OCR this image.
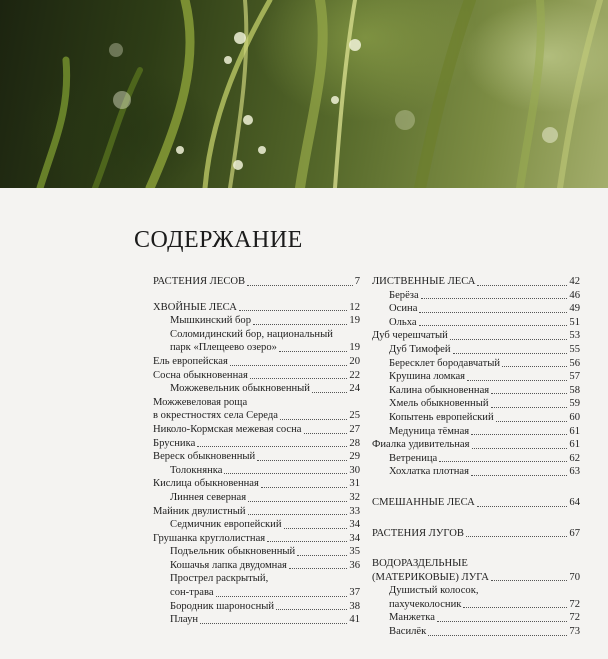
СОДЕРЖАНИЕ
РАСТЕНИЯ ЛЕСОВ	7
ХВОЙНЫЕ ЛЕСА	12
Мышкинский бор	19
Соломидинский бор, национальный
парк «Плещеево озеро»	19
Ель европейская	20
Сосна обыкновенная	22
Можжевельник обыкновенный	24
Можжевеловая роща
в окрестностях села Середа	25
Николо-Кормская межевая сосна	27
Брусника	28
Вереск обыкновенный	29
Толокнянка	30
Кислица обыкновенная	31
Линнея северная	32
Майник двулистный	33
Седмичник европейский	34
Грушанка круглолистная	34
Подъельник обыкновенный	35
Кошачья лапка двудомная	36
Прострел раскрытый,
сон-трава	37
Бородник шароносный	38
Плаун	41
ЛИСТВЕННЫЕ ЛЕСА	42
Берёза	46
Осина	49
Ольха	51
Дуб черешчатый	53
Дуб Тимофей	55
Бересклет бородавчатый	56
Крушина ломкая	57
Калина обыкновенная	58
Хмель обыкновенный	59
Копытень европейский	60
Медуница тёмная	61
Фиалка удивительная	61
Ветреница	62
Хохлатка плотная	63
СМЕШАННЫЕ ЛЕСА	64
РАСТЕНИЯ ЛУГОВ	67
ВОДОРАЗДЕЛЬНЫЕ
(МАТЕРИКОВЫЕ) ЛУГА	70
Душистый колосок,
пахучеколосник	72
Манжетка	72
Василёк	73
